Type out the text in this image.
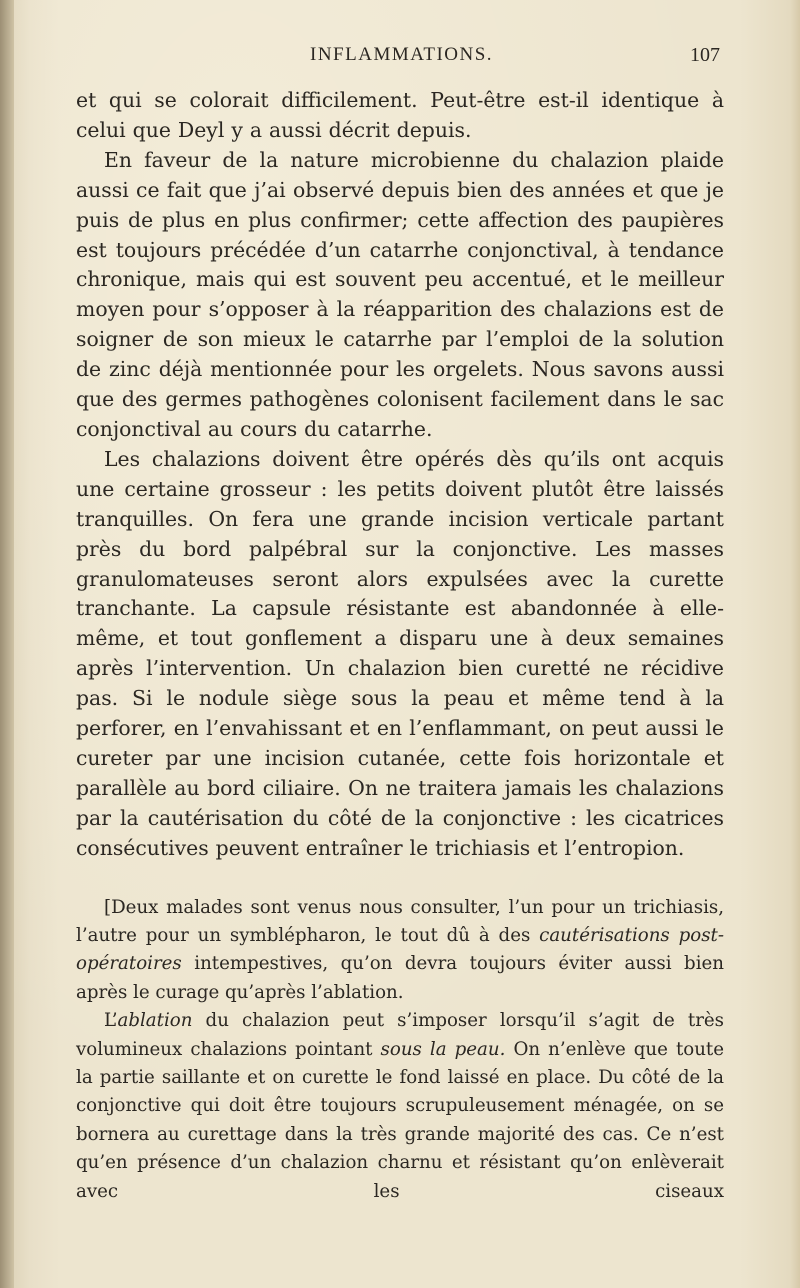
INFLAMMATIONS.	107

et qui se colorait difficilement. Peut-être est-il identique à celui que Deyl y a aussi décrit depuis.

En faveur de la nature microbienne du chalazion plaide aussi ce fait que j’ai observé depuis bien des années et que je puis de plus en plus confirmer; cette affection des paupières est toujours précédée d’un catarrhe conjonctival, à tendance chronique, mais qui est souvent peu accentué, et le meilleur moyen pour s’opposer à la réapparition des chalazions est de soigner de son mieux le catarrhe par l’emploi de la solution de zinc déjà mentionnée pour les orgelets. Nous savons aussi que des germes pathogènes colonisent facilement dans le sac conjonctival au cours du catarrhe.

Les chalazions doivent être opérés dès qu’ils ont acquis une certaine grosseur : les petits doivent plutôt être laissés tranquilles. On fera une grande incision verticale partant près du bord palpébral sur la conjonctive. Les masses granulomateuses seront alors expulsées avec la curette tranchante. La capsule résistante est abandonnée à elle-même, et tout gonflement a disparu une à deux semaines après l’intervention. Un chalazion bien curetté ne récidive pas. Si le nodule siège sous la peau et même tend à la perforer, en l’envahissant et en l’enflammant, on peut aussi le cureter par une incision cutanée, cette fois horizontale et parallèle au bord ciliaire. On ne traitera jamais les chalazions par la cautérisation du côté de la conjonctive : les cicatrices consécutives peuvent entraîner le trichiasis et l’entropion.

[Deux malades sont venus nous consulter, l’un pour un trichiasis, l’autre pour un symblépharon, le tout dû à des cautérisations post-opératoires intempestives, qu’on devra toujours éviter aussi bien après le curage qu’après l’ablation.

L’ablation du chalazion peut s’imposer lorsqu’il s’agit de très volumineux chalazions pointant sous la peau. On n’enlève que toute la partie saillante et on curette le fond laissé en place. Du côté de la conjonctive qui doit être toujours scrupuleusement ménagée, on se bornera au curettage dans la très grande majorité des cas. Ce n’est qu’en présence d’un chalazion charnu et résistant qu’on enlèverait avec les ciseaux
